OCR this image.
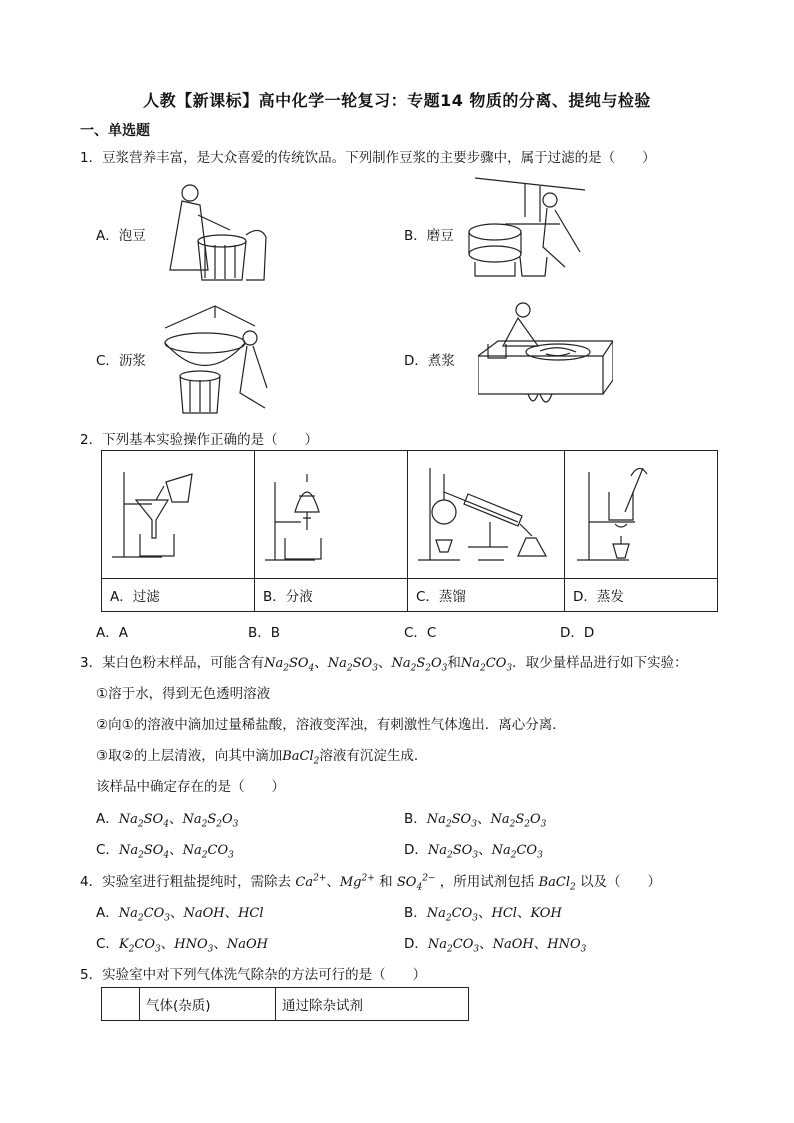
人教【新课标】高中化学一轮复习：专题14 物质的分离、提纯与检验
一、单选题
1．豆浆营养丰富，是大众喜爱的传统饮品。下列制作豆浆的主要步骤中，属于过滤的是（　　）
A．泡豆	B．磨豆
C．沥浆	D．煮浆
2．下列基本实验操作正确的是（　　）

A．过滤	B．分液	C．蒸馏	D．蒸发
A．A	B．B	C．C	D．D
3．某白色粉末样品，可能含有$Na_2SO_4$、$Na_2SO_3$、$Na_2S_2O_3$和$Na_2CO_3$．取少量样品进行如下实验：
①溶于水，得到无色透明溶液
②向①的溶液中滴加过量稀盐酸，溶液变浑浊，有刺激性气体逸出．离心分离．
③取②的上层清液，向其中滴加BaCl$_2$溶液有沉淀生成．
该样品中确定存在的是（　　）
A．$Na_2SO_4$、$Na_2S_2O_3$	B．$Na_2SO_3$、$Na_2S_2O_3$
C．$Na_2SO_4$、$Na_2CO_3$	D．$Na_2SO_3$、$Na_2CO_3$
4．实验室进行粗盐提纯时，需除去 $Ca^{2+}$、$Mg^{2+}$ 和 $SO_4^{2-}$ ，所用试剂包括 BaCl$_2$ 以及（　　）
A．$Na_2CO_3$、NaOH、HCl	B．$Na_2CO_3$、HCl、KOH
C．$K_2CO_3$、$HNO_3$、NaOH	D．$Na_2CO_3$、NaOH、$HNO_3$
5．实验室中对下列气体洗气除杂的方法可行的是（　　）
	气体(杂质)	通过除杂试剂
